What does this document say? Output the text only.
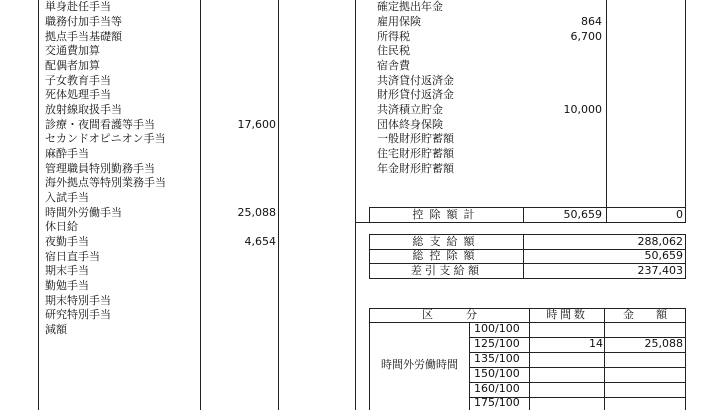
単身赴任手当
職務付加手当等
拠点手当基礎額
交通費加算
配偶者加算
子女教育手当
死体処理手当
放射線取扱手当
診療・夜間看護等手当	17,600
セカンドオピニオン手当
麻酔手当
管理職員特別勤務手当
海外拠点等特別業務手当
入試手当
時間外労働手当	25,088
休日給
夜勤手当	4,654
宿日直手当
期末手当
勤勉手当
期末特別手当
研究特別手当
減額
確定拠出年金
雇用保険	864
所得税	6,700
住民税
宿舎費
共済貸付返済金
財形貸付返済金
共済積立貯金	10,000
団体終身保険
一般財形貯蓄額
住宅財形貯蓄額
年金財形貯蓄額
控除額計	50,659	0
総支給額	288,062
総控除額	50,659
差引支給額	237,403
区　　　分	時間数	金　　額
時間外労働時間
100/100
125/100	14	25,088
135/100
150/100
160/100
175/100
